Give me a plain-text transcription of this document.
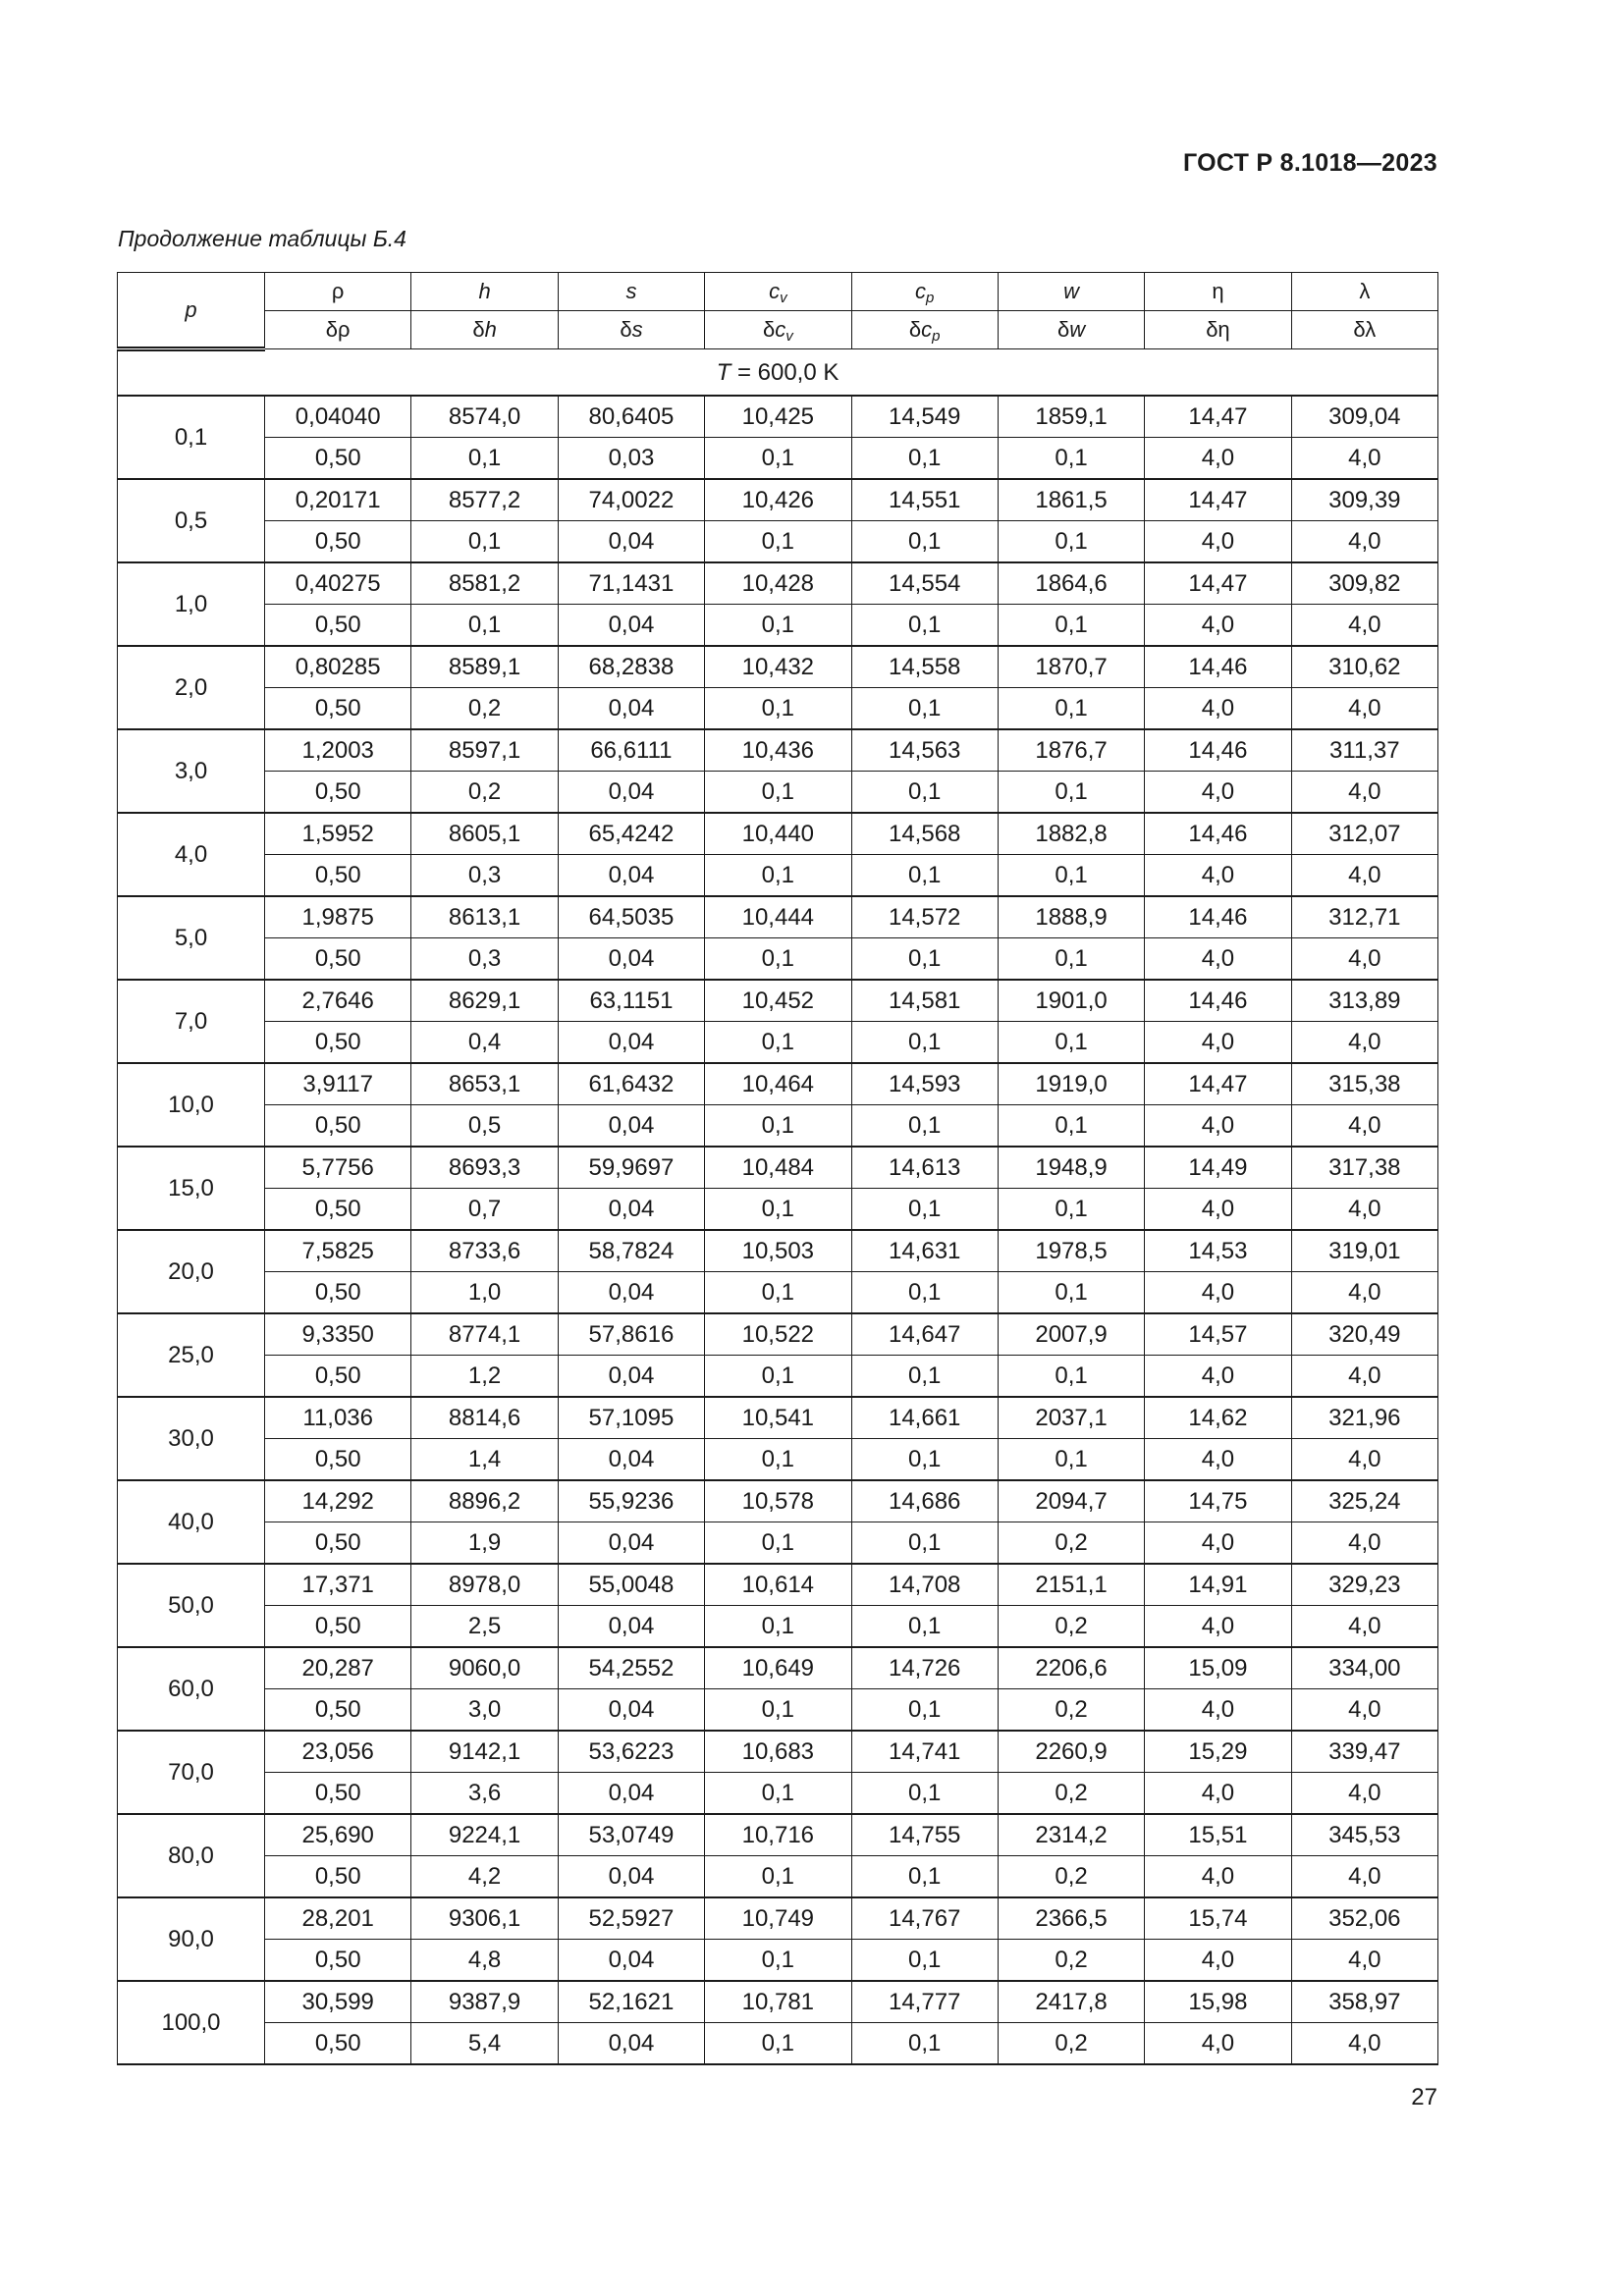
ГОСТ Р 8.1018—2023
Продолжение таблицы Б.4
p	ρ	h	s	$c_v$	$c_p$	w	η	λ
	δρ	δh	δs	$\delta c_v$	$\delta c_p$	δw	δη	δλ
T = 600,0 K								
0,1	0,04040	8574,0	80,6405	10,425	14,549	1859,1	14,47	309,04
	0,50	0,1	0,03	0,1	0,1	0,1	4,0	4,0
0,5	0,20171	8577,2	74,0022	10,426	14,551	1861,5	14,47	309,39
	0,50	0,1	0,04	0,1	0,1	0,1	4,0	4,0
1,0	0,40275	8581,2	71,1431	10,428	14,554	1864,6	14,47	309,82
	0,50	0,1	0,04	0,1	0,1	0,1	4,0	4,0
2,0	0,80285	8589,1	68,2838	10,432	14,558	1870,7	14,46	310,62
	0,50	0,2	0,04	0,1	0,1	0,1	4,0	4,0
3,0	1,2003	8597,1	66,6111	10,436	14,563	1876,7	14,46	311,37
	0,50	0,2	0,04	0,1	0,1	0,1	4,0	4,0
4,0	1,5952	8605,1	65,4242	10,440	14,568	1882,8	14,46	312,07
	0,50	0,3	0,04	0,1	0,1	0,1	4,0	4,0
5,0	1,9875	8613,1	64,5035	10,444	14,572	1888,9	14,46	312,71
	0,50	0,3	0,04	0,1	0,1	0,1	4,0	4,0
7,0	2,7646	8629,1	63,1151	10,452	14,581	1901,0	14,46	313,89
	0,50	0,4	0,04	0,1	0,1	0,1	4,0	4,0
10,0	3,9117	8653,1	61,6432	10,464	14,593	1919,0	14,47	315,38
	0,50	0,5	0,04	0,1	0,1	0,1	4,0	4,0
15,0	5,7756	8693,3	59,9697	10,484	14,613	1948,9	14,49	317,38
	0,50	0,7	0,04	0,1	0,1	0,1	4,0	4,0
20,0	7,5825	8733,6	58,7824	10,503	14,631	1978,5	14,53	319,01
	0,50	1,0	0,04	0,1	0,1	0,1	4,0	4,0
25,0	9,3350	8774,1	57,8616	10,522	14,647	2007,9	14,57	320,49
	0,50	1,2	0,04	0,1	0,1	0,1	4,0	4,0
30,0	11,036	8814,6	57,1095	10,541	14,661	2037,1	14,62	321,96
	0,50	1,4	0,04	0,1	0,1	0,1	4,0	4,0
40,0	14,292	8896,2	55,9236	10,578	14,686	2094,7	14,75	325,24
	0,50	1,9	0,04	0,1	0,1	0,2	4,0	4,0
50,0	17,371	8978,0	55,0048	10,614	14,708	2151,1	14,91	329,23
	0,50	2,5	0,04	0,1	0,1	0,2	4,0	4,0
60,0	20,287	9060,0	54,2552	10,649	14,726	2206,6	15,09	334,00
	0,50	3,0	0,04	0,1	0,1	0,2	4,0	4,0
70,0	23,056	9142,1	53,6223	10,683	14,741	2260,9	15,29	339,47
	0,50	3,6	0,04	0,1	0,1	0,2	4,0	4,0
80,0	25,690	9224,1	53,0749	10,716	14,755	2314,2	15,51	345,53
	0,50	4,2	0,04	0,1	0,1	0,2	4,0	4,0
90,0	28,201	9306,1	52,5927	10,749	14,767	2366,5	15,74	352,06
	0,50	4,8	0,04	0,1	0,1	0,2	4,0	4,0
100,0	30,599	9387,9	52,1621	10,781	14,777	2417,8	15,98	358,97
	0,50	5,4	0,04	0,1	0,1	0,2	4,0	4,0
27
